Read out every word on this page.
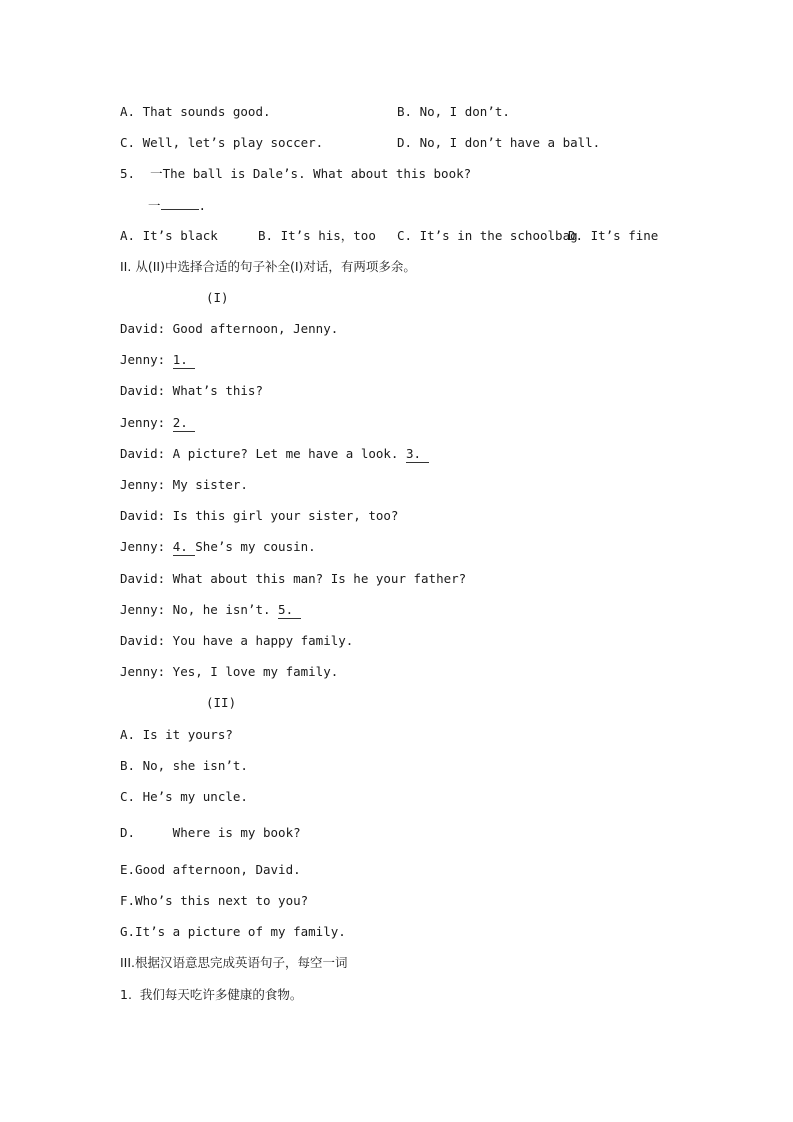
A. That sounds good.	B. No, I don’t.
C. Well, let’s play soccer.	D. No, I don’t have a ball.
5.  一The ball is Dale’s. What about this book?
一	.
A. It’s black	B. It’s his，too C. It’s in the schoolbag
D. It’s fine
II. 从(II)中选择合适的句子补全(I)对话，有两项多余。
(I)
David: Good afternoon, Jenny.
Jenny: 1.
David: What’s this?
Jenny: 2.
David: A picture? Let me have a look. 3.
Jenny: My sister.
David: Is this girl your sister, too?
Jenny: 4. She’s my cousin.
David: What about this man? Is he your father?
Jenny: No, he isn’t. 5.
David: You have a happy family.
Jenny: Yes, I love my family.
(II)
A. Is it yours?
B. No, she isn’t.
C. He’s my uncle.
D.     Where is my book?
E.Good afternoon, David.
F.Who’s this next to you?
G.It’s a picture of my family.
III.根据汉语意思完成英语句子，每空一词
1.  我们每天吃许多健康的食物。
